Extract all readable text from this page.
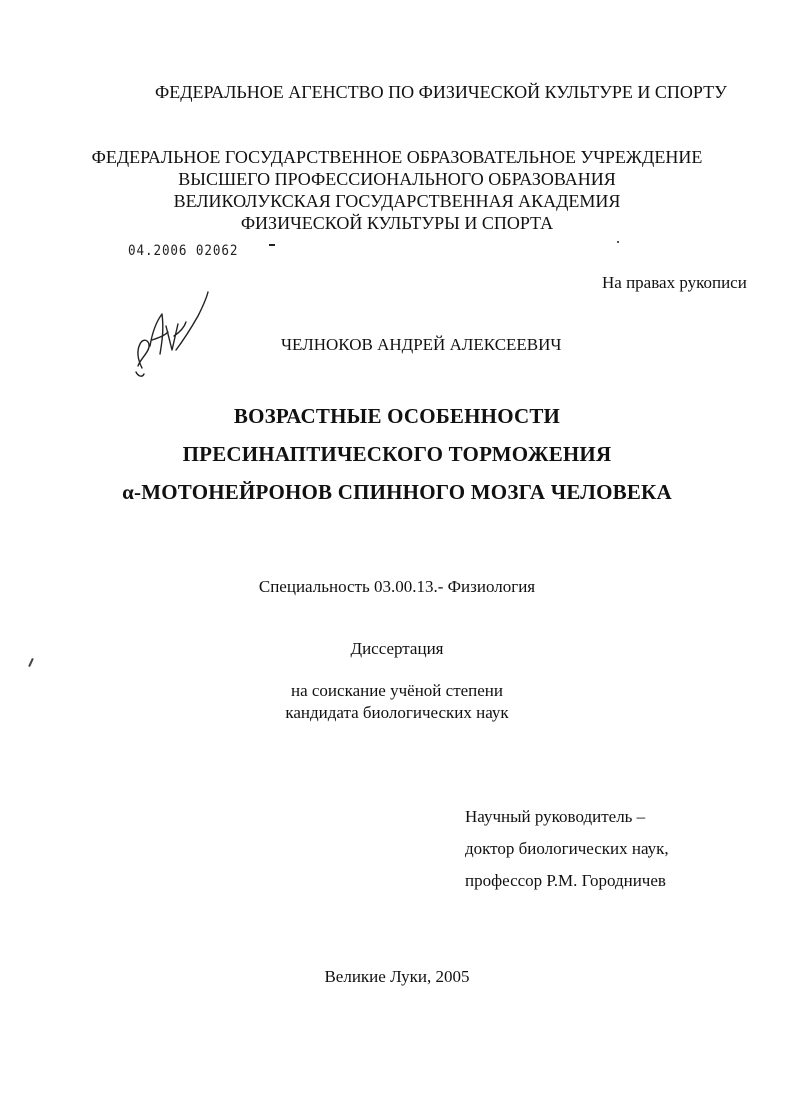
ФЕДЕРАЛЬНОЕ АГЕНСТВО ПО ФИЗИЧЕСКОЙ КУЛЬТУРЕ И СПОРТУ
ФЕДЕРАЛЬНОЕ ГОСУДАРСТВЕННОЕ ОБРАЗОВАТЕЛЬНОЕ УЧРЕЖДЕНИЕ
ВЫСШЕГО ПРОФЕССИОНАЛЬНОГО ОБРАЗОВАНИЯ
ВЕЛИКОЛУКСКАЯ ГОСУДАРСТВЕННАЯ АКАДЕМИЯ
ФИЗИЧЕСКОЙ КУЛЬТУРЫ И СПОРТА
04.2006 02062
На правах рукописи
ЧЕЛНОКОВ АНДРЕЙ АЛЕКСЕЕВИЧ
ВОЗРАСТНЫЕ ОСОБЕННОСТИ
ПРЕСИНАПТИЧЕСКОГО ТОРМОЖЕНИЯ
α-МОТОНЕЙРОНОВ СПИННОГО МОЗГА ЧЕЛОВЕКА
Специальность 03.00.13.- Физиология
Диссертация
на соискание учёной степени
кандидата биологических наук
Научный руководитель –
доктор биологических наук,
профессор Р.М. Городничев
Великие Луки, 2005
